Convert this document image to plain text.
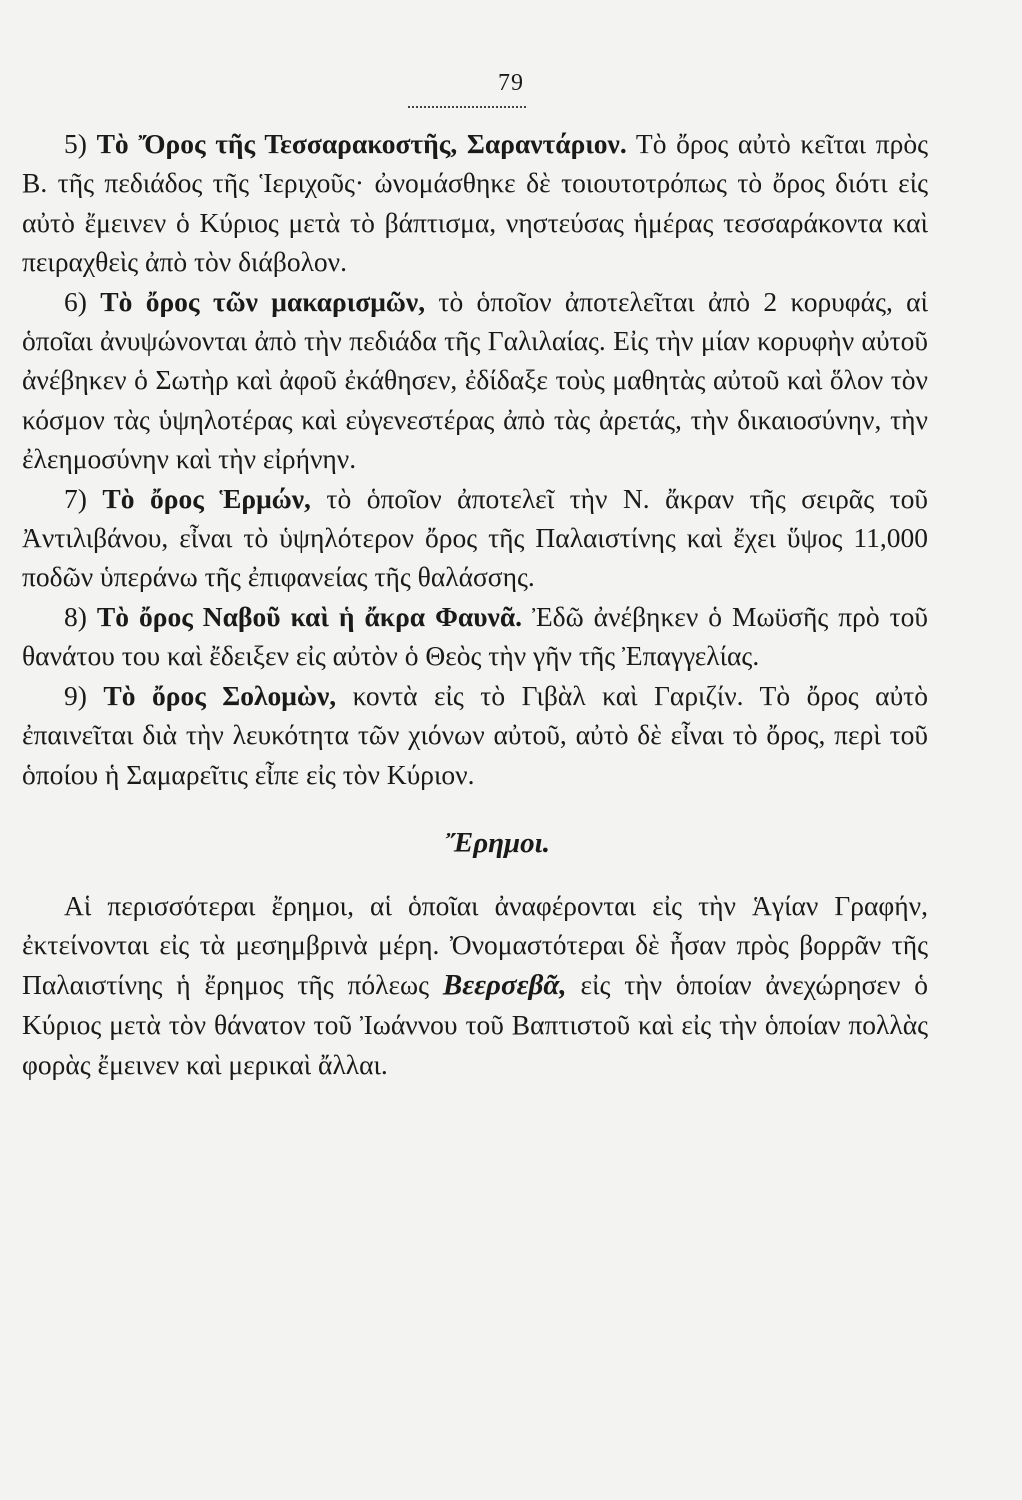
79

5) Τὸ Ὄρος τῆς Τεσσαρακοστῆς, Σαραντάριον. Τὸ ὄρος αὐτὸ κεῖται πρὸς Β. τῆς πεδιάδος τῆς Ἱεριχοῦς· ὠνομάσθηκε δὲ τοιουτοτρόπως τὸ ὄρος διότι εἰς αὐτὸ ἔμεινεν ὁ Κύριος μετὰ τὸ βάπτισμα, νηστεύσας ἡμέρας τεσσαράκοντα καὶ πειραχθεὶς ἀπὸ τὸν διάβολον.

6) Τὸ ὄρος τῶν μακαρισμῶν, τὸ ὁποῖον ἀποτελεῖται ἀπὸ 2 κορυφάς, αἱ ὁποῖαι ἀνυψώνονται ἀπὸ τὴν πεδιάδα τῆς Γαλιλαίας. Εἰς τὴν μίαν κορυφὴν αὐτοῦ ἀνέβηκεν ὁ Σωτὴρ καὶ ἀφοῦ ἐκάθησεν, ἐδίδαξε τοὺς μαθητὰς αὐτοῦ καὶ ὅλον τὸν κόσμον τὰς ὑψηλοτέρας καὶ εὐγενεστέρας ἀπὸ τὰς ἀρετάς, τὴν δικαιοσύνην, τὴν ἐλεημοσύνην καὶ τὴν εἰρήνην.

7) Τὸ ὄρος Ἑρμών, τὸ ὁποῖον ἀποτελεῖ τὴν Ν. ἄκραν τῆς σειρᾶς τοῦ Ἀντιλιβάνου, εἶναι τὸ ὑψηλότερον ὄρος τῆς Παλαιστίνης καὶ ἔχει ὕψος 11,000 ποδῶν ὑπεράνω τῆς ἐπιφανείας τῆς θαλάσσης.

8) Τὸ ὄρος Ναβοῦ καὶ ἡ ἄκρα Φαυνᾶ. Ἐδῶ ἀνέβηκεν ὁ Μωϋσῆς πρὸ τοῦ θανάτου του καὶ ἔδειξεν εἰς αὐτὸν ὁ Θεὸς τὴν γῆν τῆς Ἐπαγγελίας.

9) Τὸ ὄρος Σολομὼν, κοντὰ εἰς τὸ Γιβὰλ καὶ Γαριζίν. Τὸ ὄρος αὐτὸ ἐπαινεῖται διὰ τὴν λευκότητα τῶν χιόνων αὐτοῦ, αὐτὸ δὲ εἶναι τὸ ὄρος, περὶ τοῦ ὁποίου ἡ Σαμαρεῖτις εἶπε εἰς τὸν Κύριον.

Ἔρημοι.

Αἱ περισσότεραι ἔρημοι, αἱ ὁποῖαι ἀναφέρονται εἰς τὴν Ἁγίαν Γραφήν, ἐκτείνονται εἰς τὰ μεσημβρινὰ μέρη. Ὀνομαστότεραι δὲ ἦσαν πρὸς βορρᾶν τῆς Παλαιστίνης ἡ ἔρημος τῆς πόλεως Βεερσεβᾶ, εἰς τὴν ὁποίαν ἀνεχώρησεν ὁ Κύριος μετὰ τὸν θάνατον τοῦ Ἰωάννου τοῦ Βαπτιστοῦ καὶ εἰς τὴν ὁποίαν πολλὰς φορὰς ἔμεινεν καὶ μερικαὶ ἄλλαι.
